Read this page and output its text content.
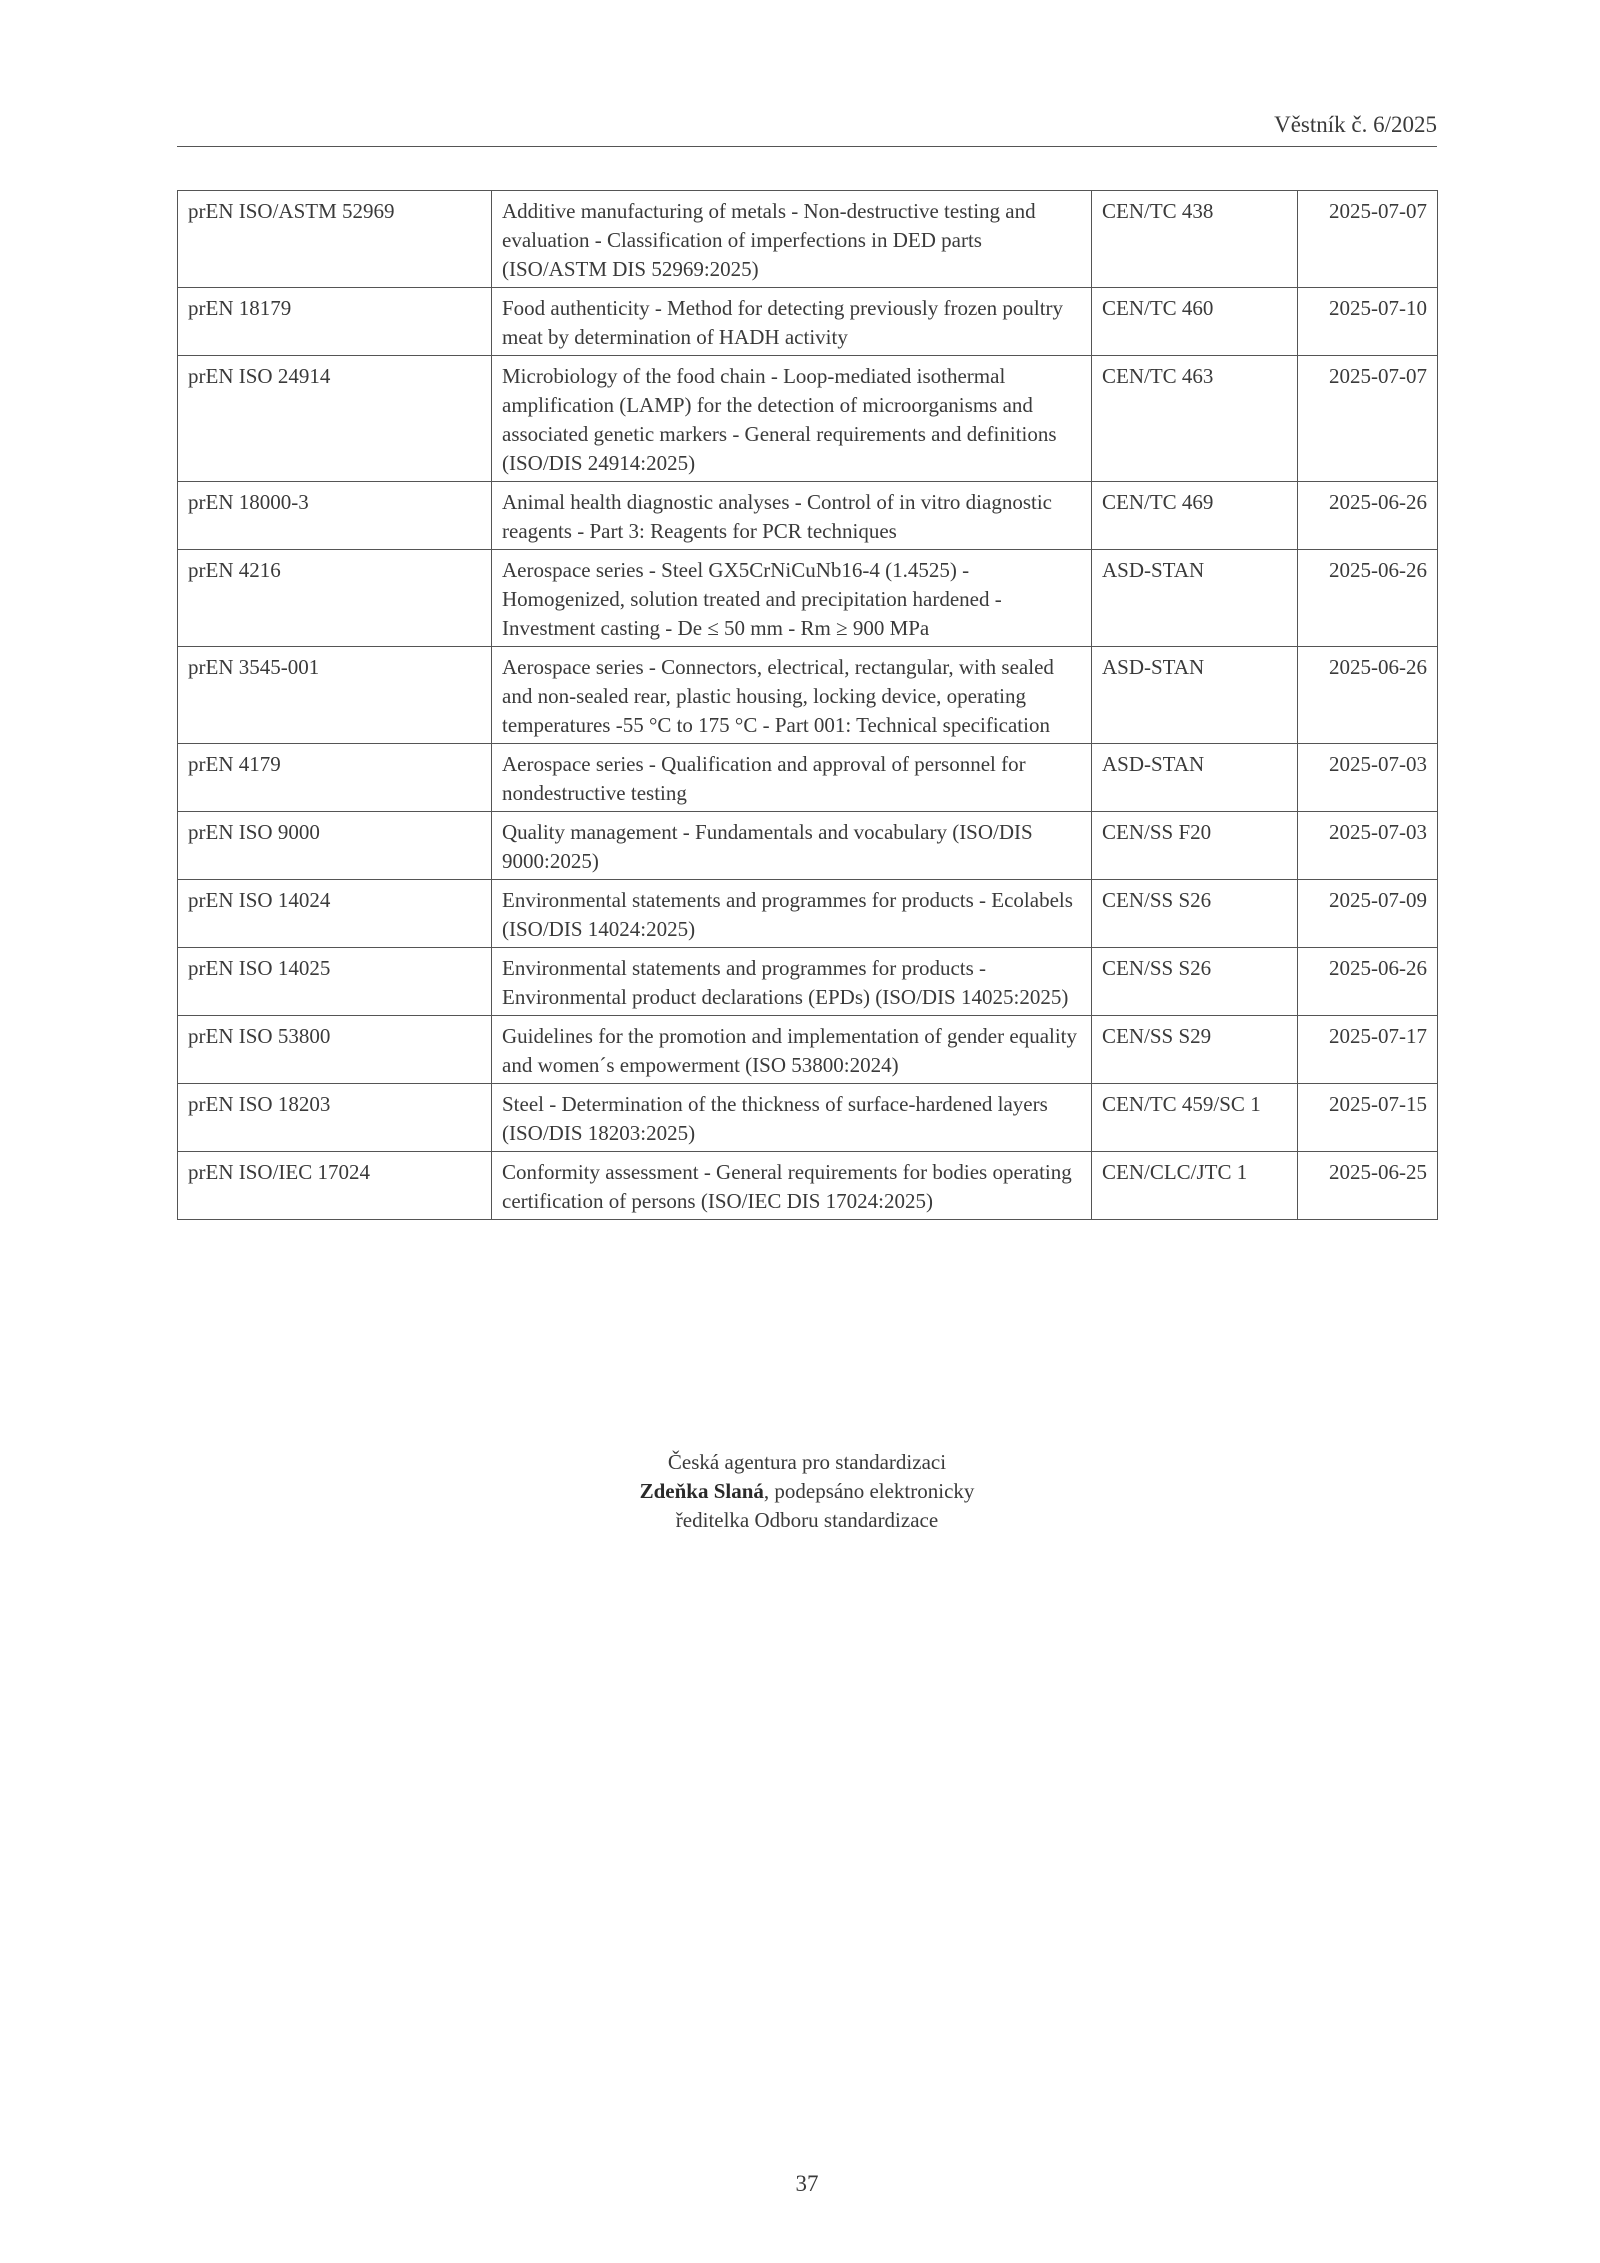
Věstník č. 6/2025
prEN ISO/ASTM 52969	Additive manufacturing of metals - Non-destructive testing and evaluation - Classification of imperfections in DED parts (ISO/ASTM DIS 52969:2025)	CEN/TC 438	2025-07-07
prEN 18179	Food authenticity - Method for detecting previously frozen poultry meat by determination of HADH activity	CEN/TC 460	2025-07-10
prEN ISO 24914	Microbiology of the food chain - Loop-mediated isothermal amplification (LAMP) for the detection of microorganisms and associated genetic markers - General requirements and definitions (ISO/DIS 24914:2025)	CEN/TC 463	2025-07-07
prEN 18000-3	Animal health diagnostic analyses - Control of in vitro diagnostic reagents - Part 3: Reagents for PCR techniques	CEN/TC 469	2025-06-26
prEN 4216	Aerospace series - Steel GX5CrNiCuNb16-4 (1.4525) - Homogenized, solution treated and precipitation hardened - Investment casting - De ≤ 50 mm - Rm ≥ 900 MPa	ASD-STAN	2025-06-26
prEN 3545-001	Aerospace series - Connectors, electrical, rectangular, with sealed and non-sealed rear, plastic housing, locking device, operating temperatures -55 °C to 175 °C - Part 001: Technical specification	ASD-STAN	2025-06-26
prEN 4179	Aerospace series - Qualification and approval of personnel for nondestructive testing	ASD-STAN	2025-07-03
prEN ISO 9000	Quality management - Fundamentals and vocabulary (ISO/DIS 9000:2025)	CEN/SS F20	2025-07-03
prEN ISO 14024	Environmental statements and programmes for products - Ecolabels (ISO/DIS 14024:2025)	CEN/SS S26	2025-07-09
prEN ISO 14025	Environmental statements and programmes for products - Environmental product declarations (EPDs) (ISO/DIS 14025:2025)	CEN/SS S26	2025-06-26
prEN ISO 53800	Guidelines for the promotion and implementation of gender equality and women´s empowerment (ISO 53800:2024)	CEN/SS S29	2025-07-17
prEN ISO 18203	Steel - Determination of the thickness of surface-hardened layers (ISO/DIS 18203:2025)	CEN/TC 459/SC 1	2025-07-15
prEN ISO/IEC 17024	Conformity assessment - General requirements for bodies operating certification of persons (ISO/IEC DIS 17024:2025)	CEN/CLC/JTC 1	2025-06-25
Česká agentura pro standardizaci
Zdeňka Slaná, podepsáno elektronicky
ředitelka Odboru standardizace
37
